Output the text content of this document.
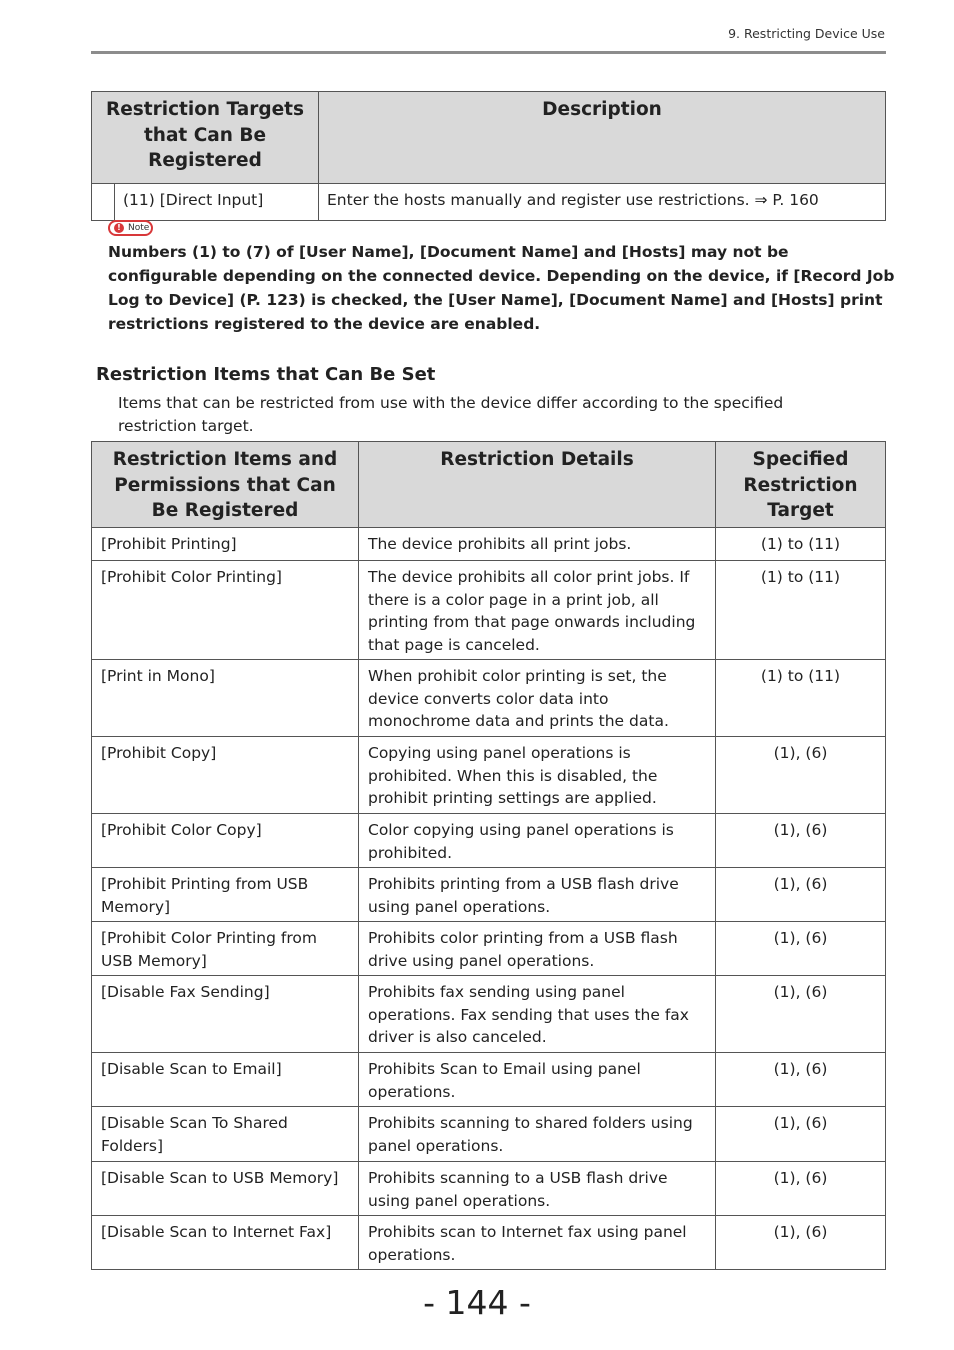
9. Restricting Device Use
Restriction Targets that Can Be Registered		Description
	(11) [Direct Input]	Enter the hosts manually and register use restrictions. ⇒ P. 160
! Note

Numbers (1) to (7) of [User Name], [Document Name] and [Hosts] may not be configurable depending on the connected device. Depending on the device, if [Record Job Log to Device] (P. 123) is checked, the [User Name], [Document Name] and [Hosts] print restrictions registered to the device are enabled.

Restriction Items that Can Be Set

Items that can be restricted from use with the device differ according to the specified restriction target.

Restriction Items and Permissions that Can Be Registered	Restriction Details	Specified Restriction Target
[Prohibit Printing]	The device prohibits all print jobs.	(1) to (11)
[Prohibit Color Printing]	The device prohibits all color print jobs. If there is a color page in a print job, all printing from that page onwards including that page is canceled.	(1) to (11)
[Print in Mono]	When prohibit color printing is set, the device converts color data into monochrome data and prints the data.	(1) to (11)
[Prohibit Copy]	Copying using panel operations is prohibited. When this is disabled, the prohibit printing settings are applied.	(1), (6)
[Prohibit Color Copy]	Color copying using panel operations is prohibited.	(1), (6)
[Prohibit Printing from USB Memory]	Prohibits printing from a USB flash drive using panel operations.	(1), (6)
[Prohibit Color Printing from USB Memory]	Prohibits color printing from a USB flash drive using panel operations.	(1), (6)
[Disable Fax Sending]	Prohibits fax sending using panel operations. Fax sending that uses the fax driver is also canceled.	(1), (6)
[Disable Scan to Email]	Prohibits Scan to Email using panel operations.	(1), (6)
[Disable Scan To Shared Folders]	Prohibits scanning to shared folders using panel operations.	(1), (6)
[Disable Scan to USB Memory]	Prohibits scanning to a USB flash drive using panel operations.	(1), (6)
[Disable Scan to Internet Fax]	Prohibits scan to Internet fax using panel operations.	(1), (6)
- 144 -
